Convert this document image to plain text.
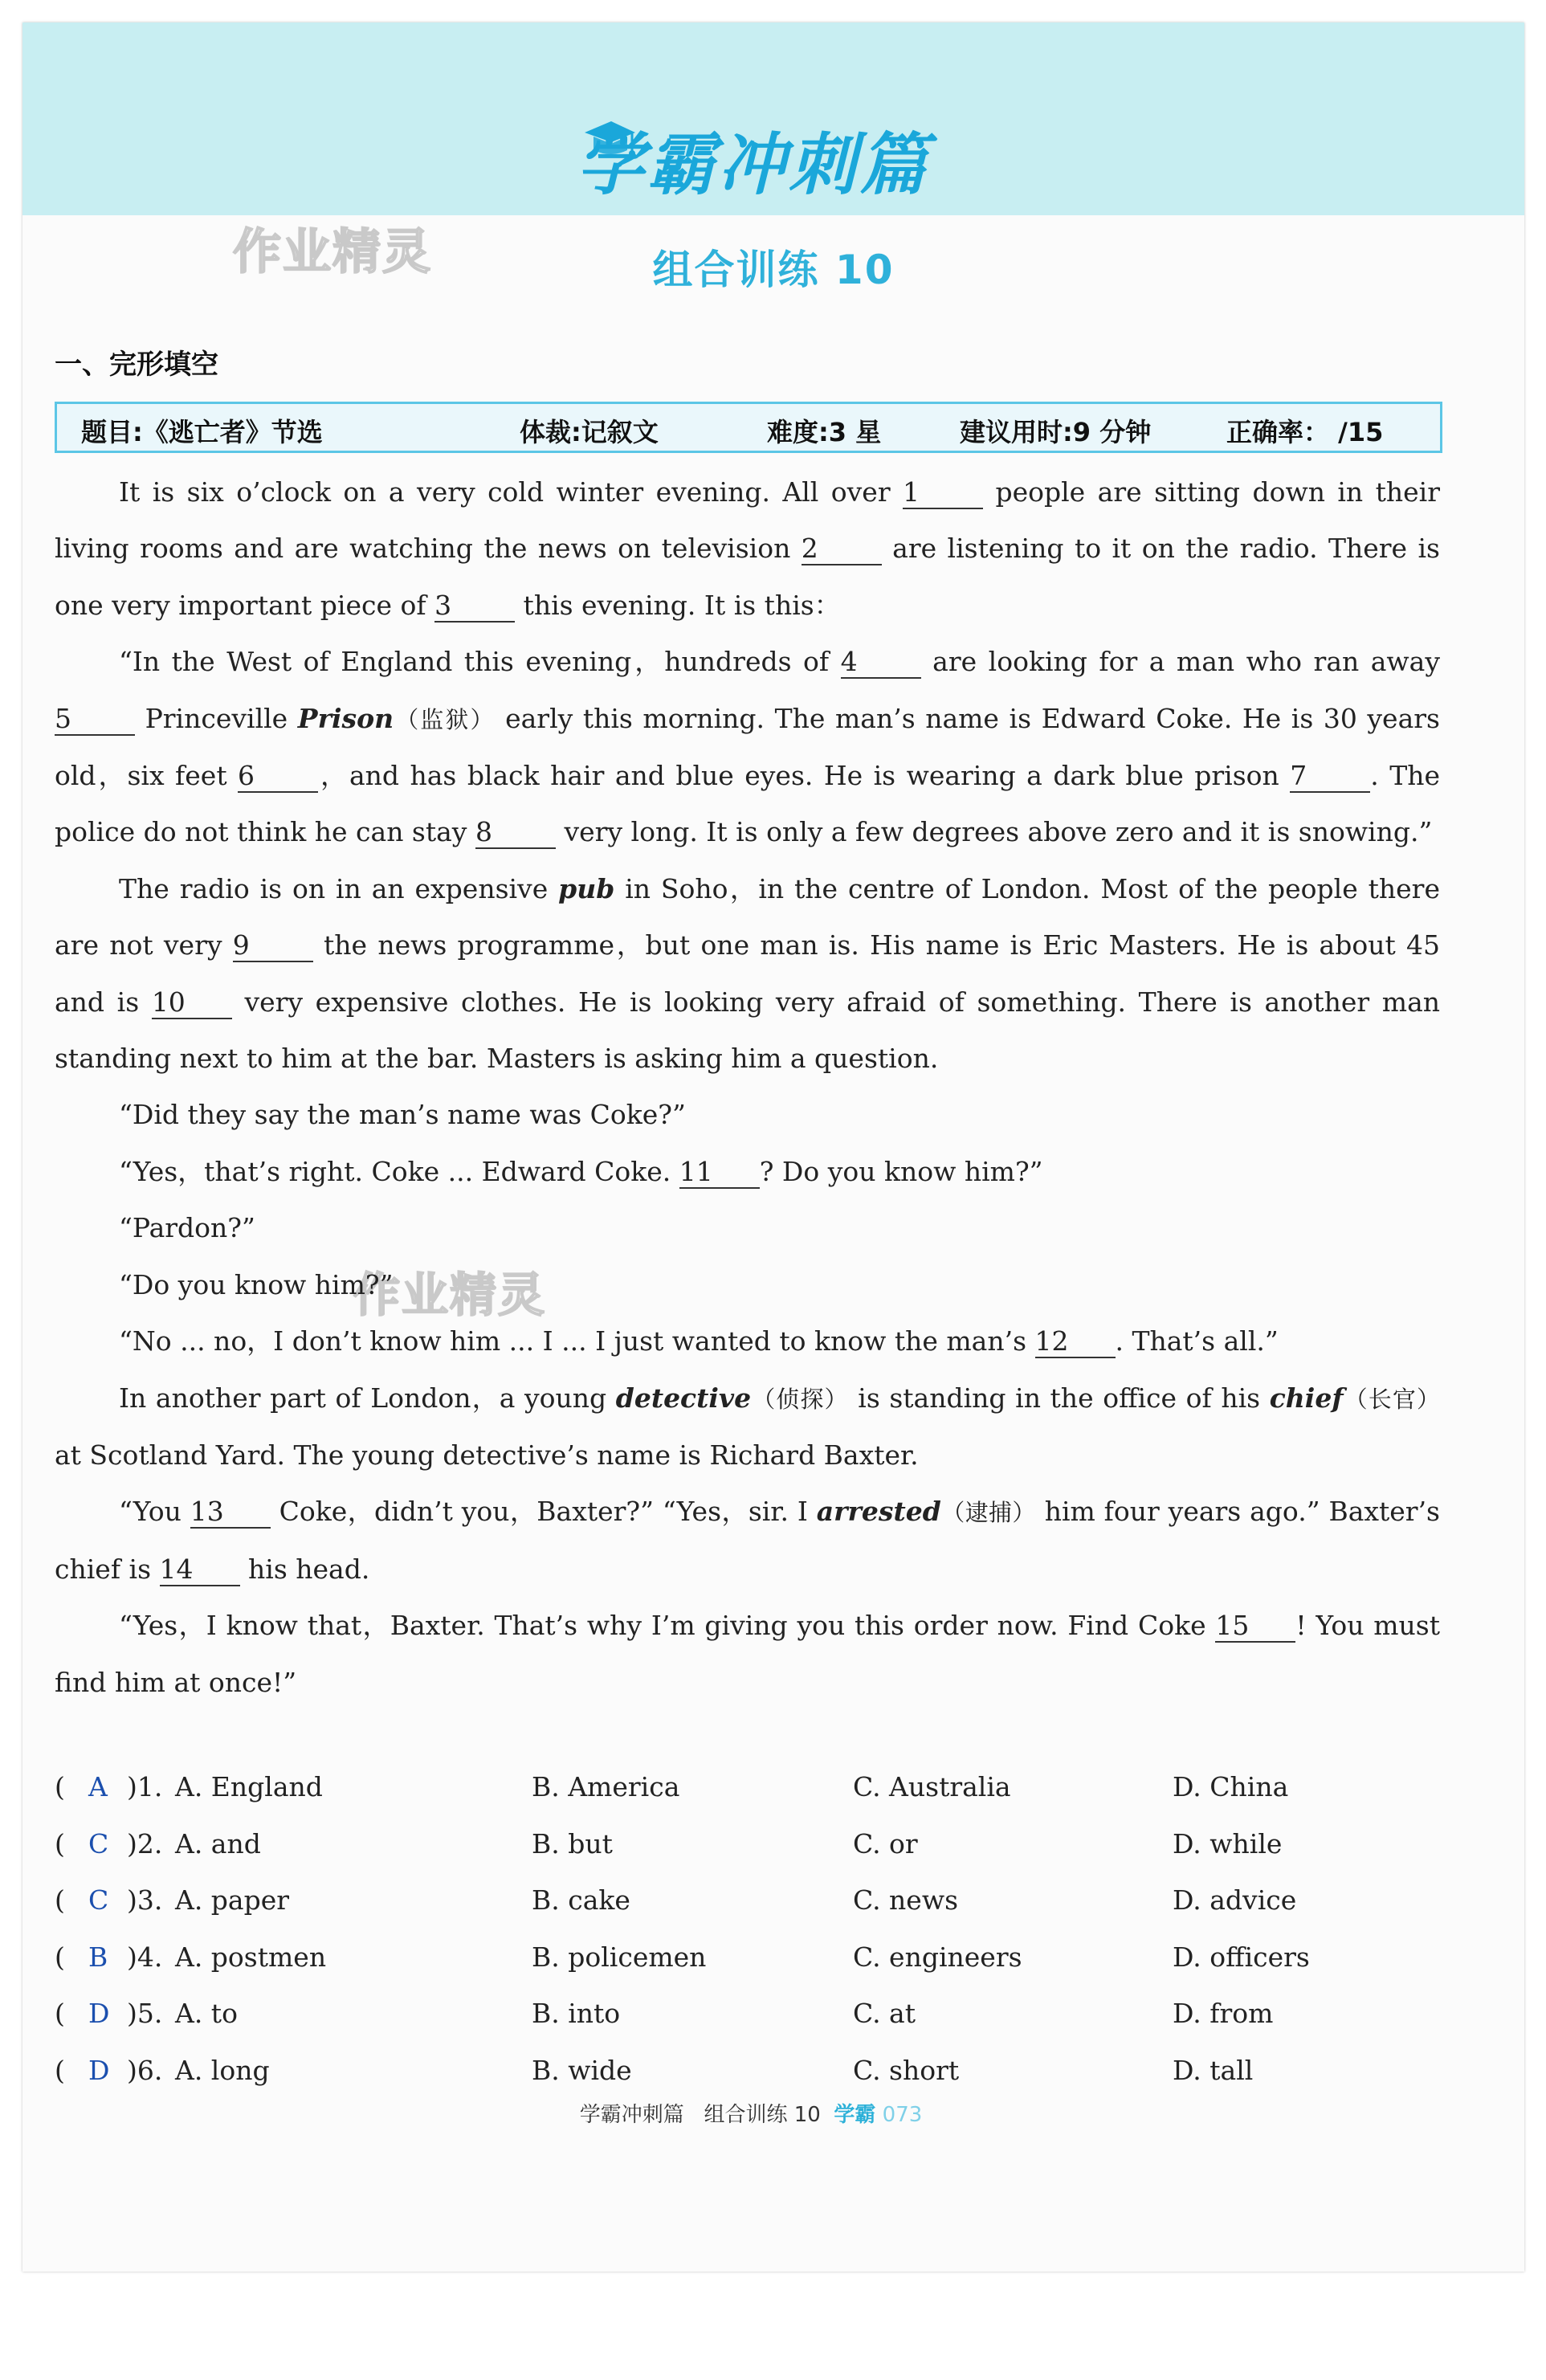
学霸冲刺篇
作业精灵	组合训练 10
作业精灵
一、完形填空
题目:《逃亡者》节选	体裁:记叙文	难度:3 星	建议用时:9 分钟	正确率： /15

It is six o’clock on a very cold winter evening. All over 1 people are sitting down in their living rooms and are watching the news on television 2 are listening to it on the radio. There is one very important piece of 3 this evening. It is this：

“In the West of England this evening，hundreds of 4 are looking for a man who ran away 5 Princeville Prison（监狱） early this morning. The man’s name is Edward Coke. He is 30 years old，six feet 6 ，and has black hair and blue eyes. He is wearing a dark blue prison 7 . The police do not think he can stay 8 very long. It is only a few degrees above zero and it is snowing.”

The radio is on in an expensive pub in Soho，in the centre of London. Most of the people there are not very 9 the news programme，but one man is. His name is Eric Masters. He is about 45 and is 10 very expensive clothes. He is looking very afraid of something. There is another man standing next to him at the bar. Masters is asking him a question.

“Did they say the man’s name was Coke?”

“Yes，that’s right. Coke ... Edward Coke. 11 ? Do you know him?”

“Pardon?”

“Do you know him?”

“No ... no，I don’t know him ... I ... I just wanted to know the man’s 12 . That’s all.”

In another part of London，a young detective（侦探） is standing in the office of his chief（长官） at Scotland Yard. The young detective’s name is Richard Baxter.

“You 13 Coke，didn’t you，Baxter?” “Yes，sir. I arrested（逮捕） him four years ago.” Baxter’s chief is 14 his head.

“Yes，I know that，Baxter. That’s why I’m giving you this order now. Find Coke 15 ! You must find him at once!”

( A )1. A. England	B. America	C. Australia	D. China
( C )2. A. and	B. but	C. or	D. while
( C )3. A. paper	B. cake	C. news	D. advice
( B )4. A. postmen	B. policemen	C. engineers	D. officers
( D )5. A. to	B. into	C. at	D. from
( D )6. A. long	B. wide	C. short	D. tall
学霸冲刺篇 组合训练 10 学霸 073
